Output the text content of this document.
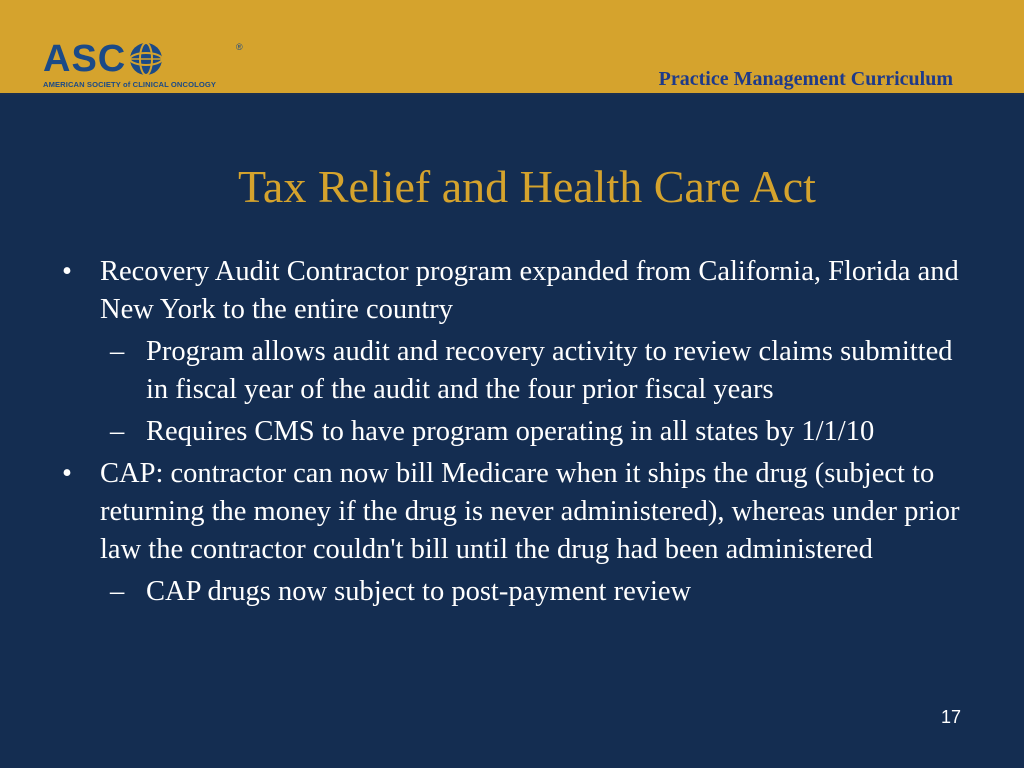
ASC	®
AMERICAN SOCIETY of CLINICAL ONCOLOGY	Practice Management Curriculum
Tax Relief and Health Care Act
• Recovery Audit Contractor program expanded from California, Florida and New York to the entire country
– Program allows audit and recovery activity to review claims submitted in fiscal year of the audit and the four prior fiscal years
– Requires CMS to have program operating in all states by 1/1/10
• CAP: contractor can now bill Medicare when it ships the drug (subject to returning the money if the drug is never administered), whereas under prior law the contractor couldn't bill until the drug had been administered
– CAP drugs now subject to post-payment review
17
